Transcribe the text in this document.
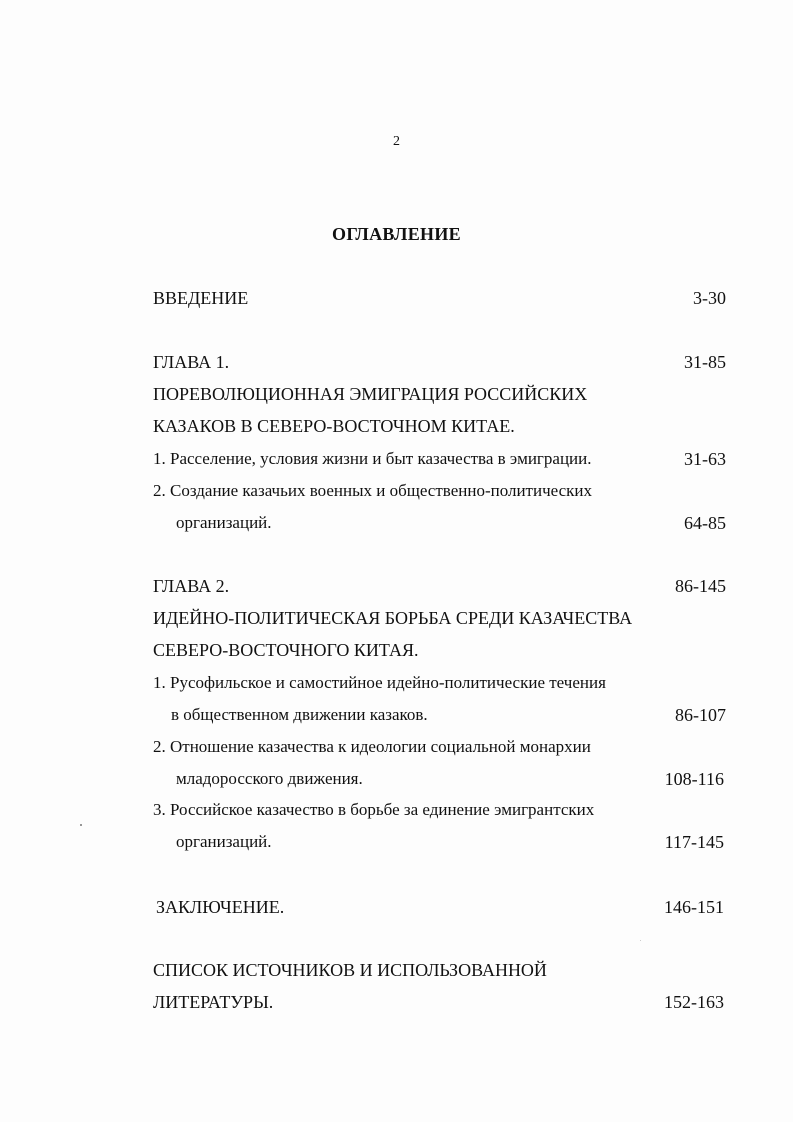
2
ОГЛАВЛЕНИЕ
ВВЕДЕНИЕ	3-30
ГЛАВА 1.	31-85
ПОРЕВОЛЮЦИОННАЯ ЭМИГРАЦИЯ РОССИЙСКИХ
КАЗАКОВ В СЕВЕРО-ВОСТОЧНОМ КИТАЕ.
1. Расселение, условия жизни и быт казачества в эмиграции.	31-63
2. Создание казачьих военных и общественно-политических
организаций.	64-85
ГЛАВА 2.	86-145
ИДЕЙНО-ПОЛИТИЧЕСКАЯ БОРЬБА СРЕДИ КАЗАЧЕСТВА
СЕВЕРО-ВОСТОЧНОГО КИТАЯ.
1. Русофильское и самостийное идейно-политические течения
в общественном движении казаков.	86-107
2. Отношение казачества к идеологии социальной монархии
младоросского движения.	108-116
3. Российское казачество в борьбе за единение эмигрантских
организаций.	117-145
ЗАКЛЮЧЕНИЕ.	146-151
СПИСОК ИСТОЧНИКОВ И ИСПОЛЬЗОВАННОЙ
ЛИТЕРАТУРЫ.	152-163
